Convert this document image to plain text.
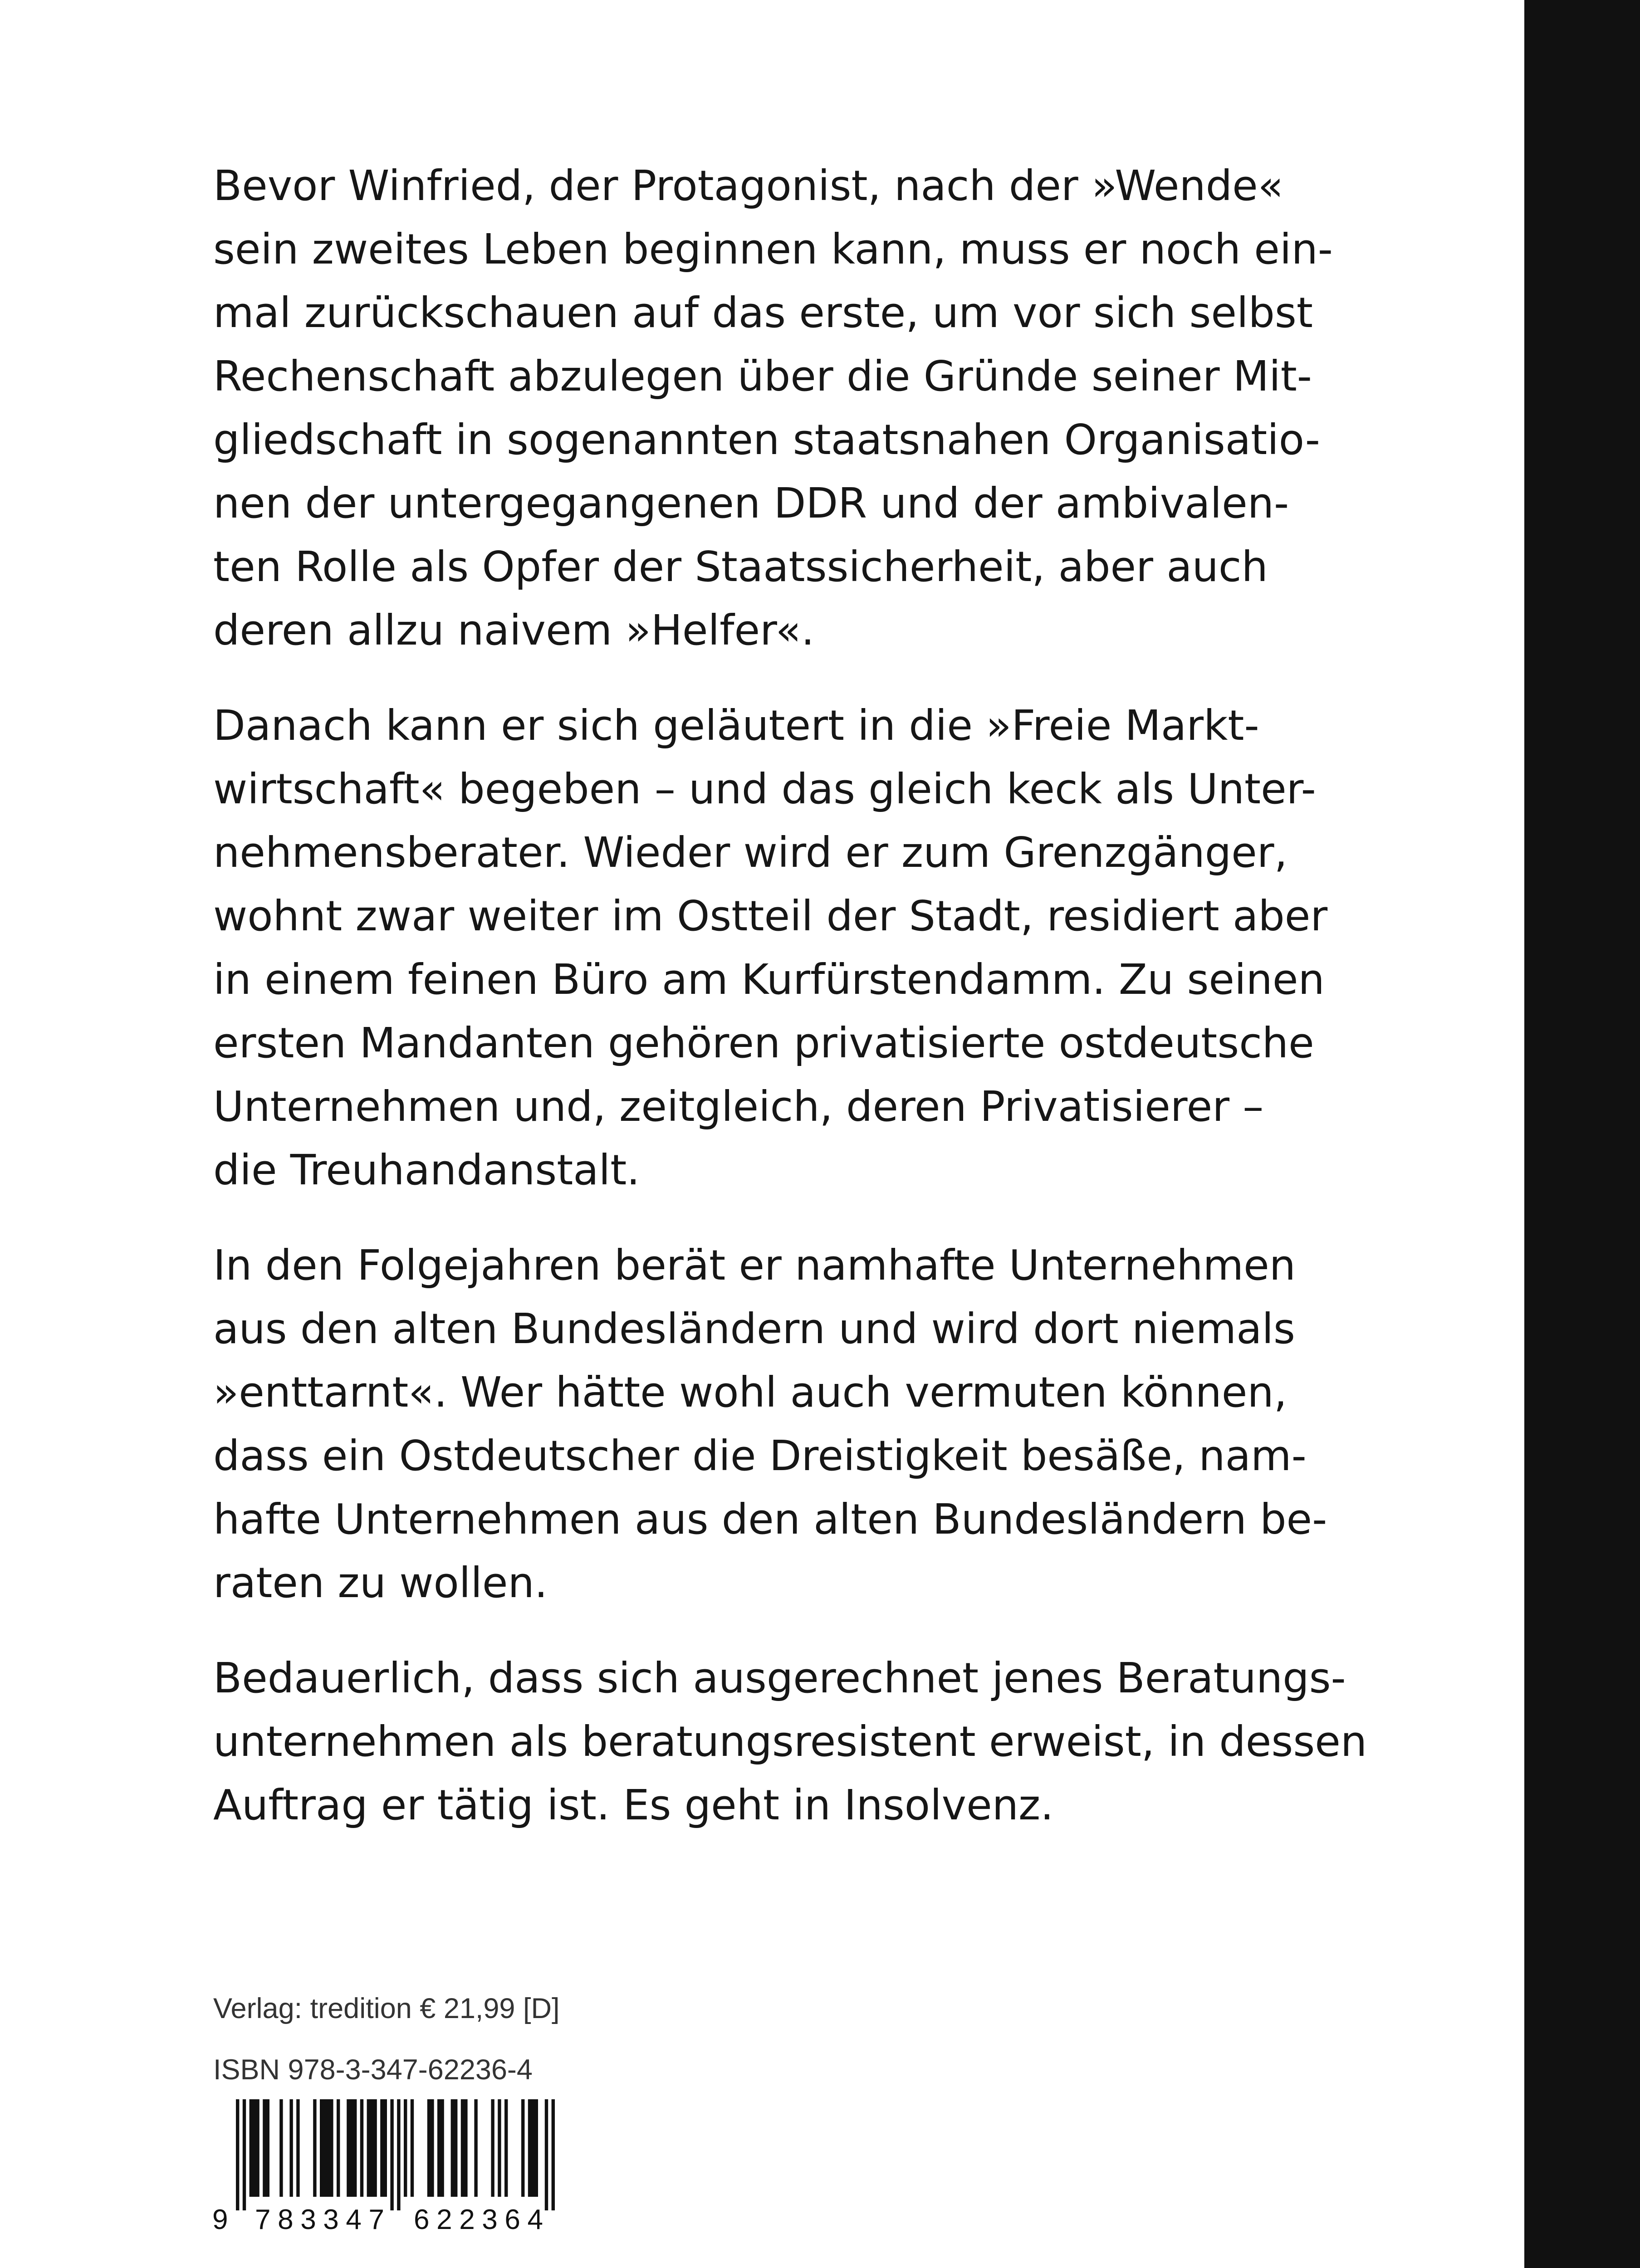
Bevor Winfried, der Protagonist, nach der »Wende«
sein zweites Leben beginnen kann, muss er noch ein-
mal zurückschauen auf das erste, um vor sich selbst
Rechenschaft abzulegen über die Gründe seiner Mit-
gliedschaft in sogenannten staatsnahen Organisatio-
nen der untergegangenen DDR und der ambivalen-
ten Rolle als Opfer der Staatssicherheit, aber auch
deren allzu naivem »Helfer«.

Danach kann er sich geläutert in die »Freie Markt-
wirtschaft« begeben – und das gleich keck als Unter-
nehmensberater. Wieder wird er zum Grenzgänger,
wohnt zwar weiter im Ostteil der Stadt, residiert aber
in einem feinen Büro am Kurfürstendamm. Zu seinen
ersten Mandanten gehören privatisierte ostdeutsche
Unternehmen und, zeitgleich, deren Privatisierer –
die Treuhandanstalt.

In den Folgejahren berät er namhafte Unternehmen
aus den alten Bundesländern und wird dort niemals
»enttarnt«. Wer hätte wohl auch vermuten können,
dass ein Ostdeutscher die Dreistigkeit besäße, nam-
hafte Unternehmen aus den alten Bundesländern be-
raten zu wollen.

Bedauerlich, dass sich ausgerechnet jenes Beratungs-
unternehmen als beratungsresistent erweist, in dessen
Auftrag er tätig ist. Es geht in Insolvenz.

Verlag: tredition € 21,99 [D]
ISBN 978-3-347-62236-4
9 783347 622364
